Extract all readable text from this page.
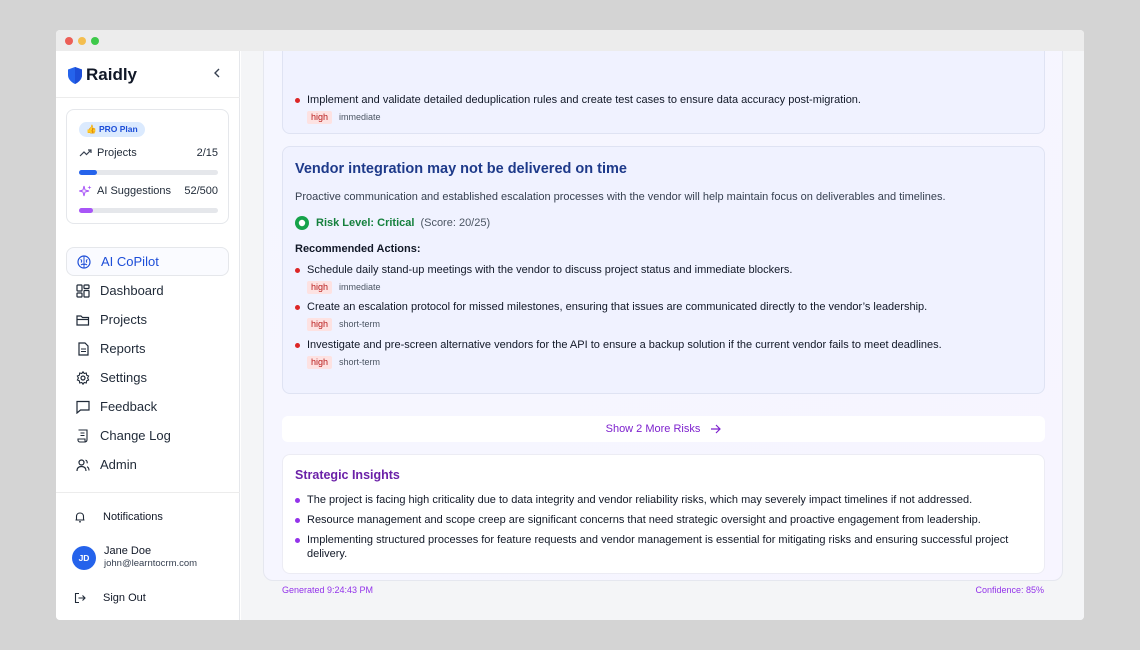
Raidly
👍 PRO Plan
Projects	2/15
AI Suggestions	52/500
AI CoPilot
Dashboard
Projects
Reports
Settings
Feedback
Change Log
Admin
Notifications
JD
Jane Doe
john@learntocrm.com
Sign Out
Implement and validate detailed deduplication rules and create test cases to ensure data accuracy post-migration.
high	immediate
Vendor integration may not be delivered on time
Proactive communication and established escalation processes with the vendor will help maintain focus on deliverables and timelines.
Risk Level: Critical (Score: 20/25)
Recommended Actions:
Schedule daily stand-up meetings with the vendor to discuss project status and immediate blockers.
high	immediate
Create an escalation protocol for missed milestones, ensuring that issues are communicated directly to the vendor’s leadership.
high	short-term
Investigate and pre-screen alternative vendors for the API to ensure a backup solution if the current vendor fails to meet deadlines.
high	short-term
Show 2 More Risks
Strategic Insights
The project is facing high criticality due to data integrity and vendor reliability risks, which may severely impact timelines if not addressed.
Resource management and scope creep are significant concerns that need strategic oversight and proactive engagement from leadership.
Implementing structured processes for feature requests and vendor management is essential for mitigating risks and ensuring successful project delivery.
Generated 9:24:43 PM	Confidence: 85%
